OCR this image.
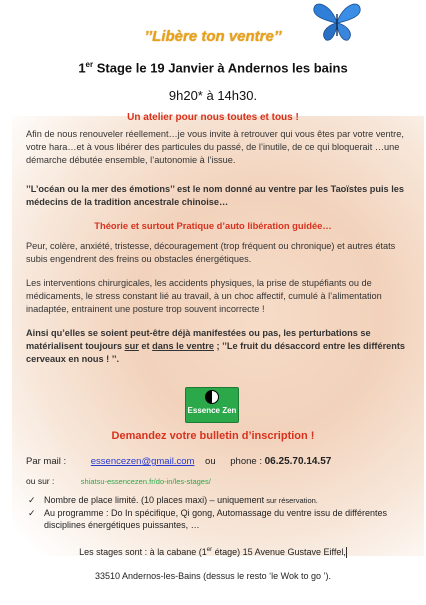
’’Libère ton ventre’’
1er Stage le 19 Janvier à Andernos les bains
9h20* à 14h30.
Un atelier pour nous toutes et tous !
Afin de nous renouveler réellement…je vous invite à retrouver qui vous êtes par votre ventre, votre hara…et à vous libérer des particules du passé, de l’inutile, de ce qui bloquerait …une démarche débutée ensemble, l’autonomie à l’issue.
’’L’océan ou la mer des émotions’’ est le nom donné au ventre par les Taoïstes puis les médecins de la tradition ancestrale chinoise…
Théorie et surtout Pratique d’auto libération guidée…
Peur, colère, anxiété, tristesse, découragement (trop fréquent ou chronique) et autres états subis engendrent des freins ou obstacles énergétiques.
Les interventions chirurgicales, les accidents physiques, la prise de stupéfiants ou de médicaments, le stress constant lié au travail, à un choc affectif, cumulé à l’alimentation inadaptée, entrainent une posture trop souvent incorrecte !
Ainsi qu’elles se soient peut-être déjà manifestées ou pas, les perturbations se matérialisent toujours sur et dans le ventre ; ’’Le fruit du désaccord entre les différents cerveaux en nous ! ’’.
Essence Zen
Demandez votre bulletin d’inscription !
Par mail :	essencezen@gmail.com ou phone : 06.25.70.14.57
ou sur :	shiatsu-essencezen.fr/do-in/les-stages/
✓ Nombre de place limité. (10 places maxi) – uniquement sur réservation.
✓ Au programme : Do In spécifique, Qi gong, Automassage du ventre issu de différentes disciplines énergétiques puissantes, …
Les stages sont : à la cabane (1er étage) 15 Avenue Gustave Eiffel,
33510 Andernos-les-Bains (dessus le resto ‘le Wok to go ’).
